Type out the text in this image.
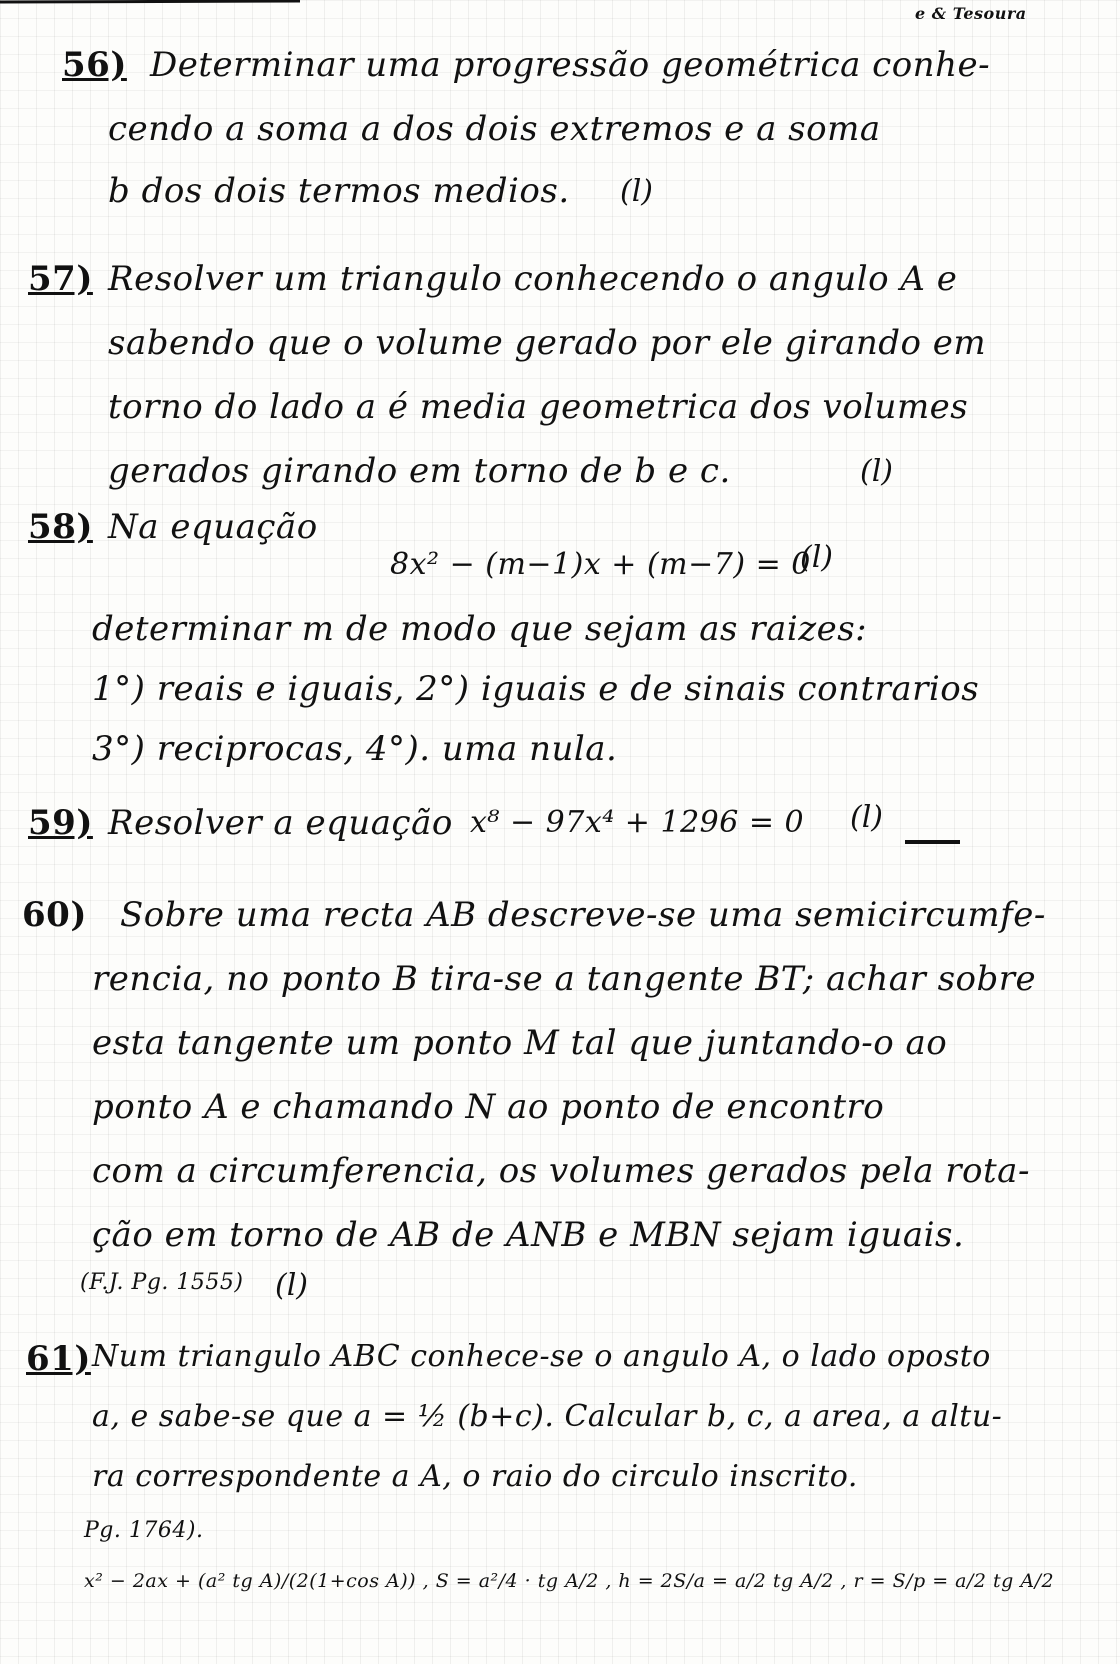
e & Tesoura
56) Determinar uma progressão geométrica conhe-
cendo a soma a dos dois extremos e a soma
b dos dois termos medios. (l)
57) Resolver um triangulo conhecendo o angulo A e
sabendo que o volume gerado por ele girando em
torno do lado a é media geometrica dos volumes
gerados girando em torno de b e c.	(l)
58) Na equação
8x² − (m−1)x + (m−7) = 0
(l)
determinar m de modo que sejam as raizes:
1°) reais e iguais, 2°) iguais e de sinais contrarios
3°) reciprocas, 4°). uma nula.
59) Resolver a equação x⁸ − 97x⁴ + 1296 = 0 (l)
60) Sobre uma recta AB descreve-se uma semicircumfe-
rencia, no ponto B tira-se a tangente BT; achar sobre
esta tangente um ponto M tal que juntando-o ao
ponto A e chamando N ao ponto de encontro
com a circumferencia, os volumes gerados pela rota-
ção em torno de AB de ANB e MBN sejam iguais.
(F.J. Pg. 1555) (l)
61) Num triangulo ABC conhece-se o angulo A, o lado oposto
a, e sabe-se que a = ½ (b+c). Calcular b, c, a area, a altu-
ra correspondente a A, o raio do circulo inscrito.
Pg. 1764).
x² − 2ax + (a² tg A)/(2(1+cos A)) , S = a²/4 · tg A/2 , h = 2S/a = a/2 tg A/2 , r = S/p = a/2 tg A/2
